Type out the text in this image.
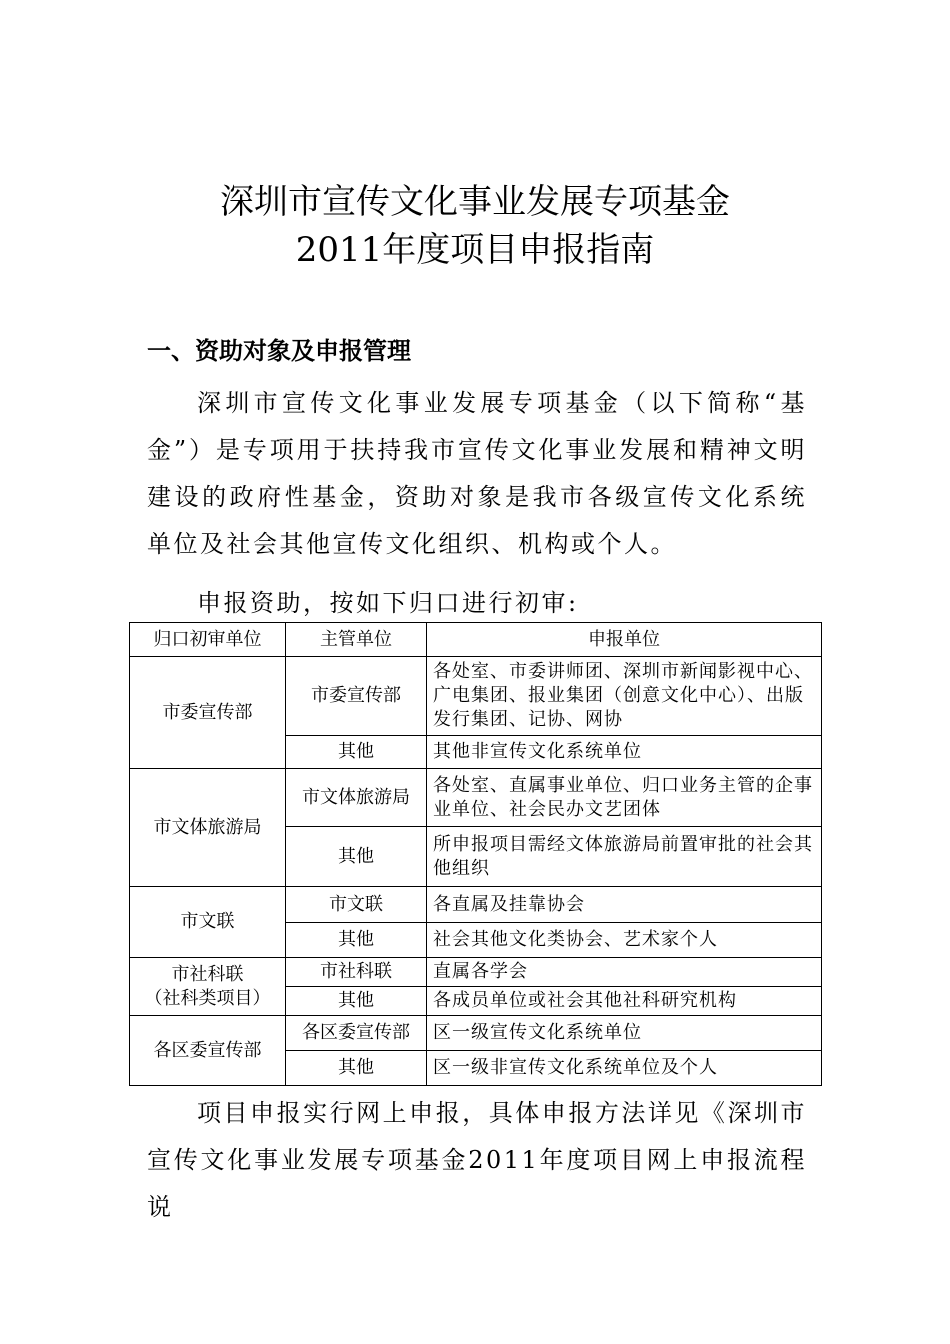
深圳市宣传文化事业发展专项基金
2011年度项目申报指南
一、资助对象及申报管理

深圳市宣传文化事业发展专项基金（以下简称“基金”）是专项用于扶持我市宣传文化事业发展和精神文明建设的政府性基金，资助对象是我市各级宣传文化系统单位及社会其他宣传文化组织、机构或个人。

申报资助，按如下归口进行初审:

归口初审单位	主管单位	申报单位
市委宣传部	市委宣传部	各处室、市委讲师团、深圳市新闻影视中心、广电集团、报业集团（创意文化中心）、出版发行集团、记协、网协
	其他	其他非宣传文化系统单位
市文体旅游局	市文体旅游局	各处室、直属事业单位、归口业务主管的企事业单位、社会民办文艺团体
	其他	所申报项目需经文体旅游局前置审批的社会其他组织
市文联	市文联	各直属及挂靠协会
	其他	社会其他文化类协会、艺术家个人

市社科联
（社科类项目）	市社科联	直属各学会
	其他	各成员单位或社会其他社科研究机构
各区委宣传部	各区委宣传部	区一级宣传文化系统单位
	其他	区一级非宣传文化系统单位及个人

项目申报实行网上申报，具体申报方法详见《深圳市宣传文化事业发展专项基金2011年度项目网上申报流程说
